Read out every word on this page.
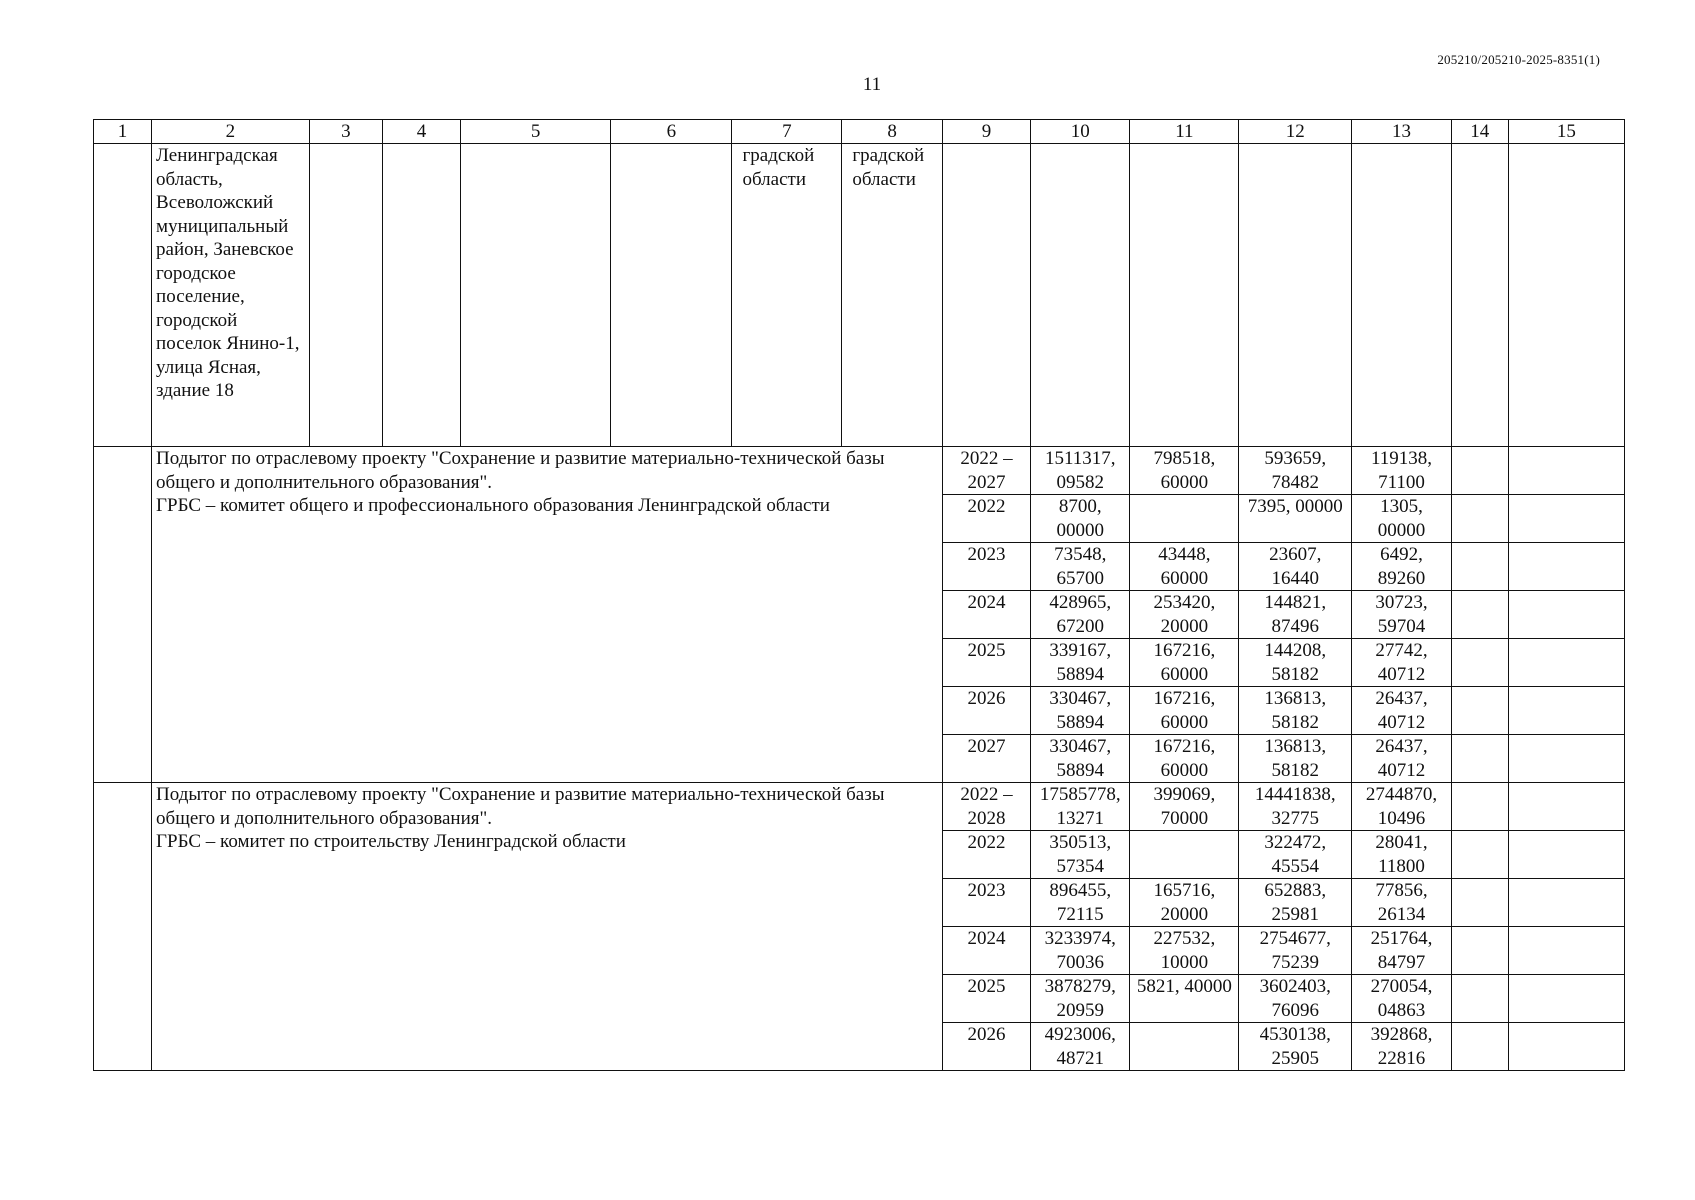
205210/205210-2025-8351(1)
11
1	2	3	4	5	6	7	8	9	10	11	12	13	14	15
	Ленинградская область, Всеволожский муниципальный район, Заневское городское поселение, городской поселок Янино-1, улица Ясная, здание 18					градской области	градской области							
	Подытог по отраслевому проекту "Сохранение и развитие материально-технической базы общего и дополнительного образования".
ГРБС – комитет общего и профессионального образования Ленинградской области							2022 – 2027	1511317, 09582	798518, 60000	593659, 78482	119138, 71100		
								2022	8700, 00000		7395, 00000	1305, 00000		
								2023	73548, 65700	43448, 60000	23607, 16440	6492, 89260		
								2024	428965, 67200	253420, 20000	144821, 87496	30723, 59704		
								2025	339167, 58894	167216, 60000	144208, 58182	27742, 40712		
								2026	330467, 58894	167216, 60000	136813, 58182	26437, 40712		
								2027	330467, 58894	167216, 60000	136813, 58182	26437, 40712		
	Подытог по отраслевому проекту "Сохранение и развитие материально-технической базы общего и дополнительного образования".
ГРБС – комитет по строительству Ленинградской области							2022 – 2028	17585778, 13271	399069, 70000	14441838, 32775	2744870, 10496		
								2022	350513, 57354		322472, 45554	28041, 11800		
								2023	896455, 72115	165716, 20000	652883, 25981	77856, 26134		
								2024	3233974, 70036	227532, 10000	2754677, 75239	251764, 84797		
								2025	3878279, 20959	5821, 40000	3602403, 76096	270054, 04863		
								2026	4923006, 48721		4530138, 25905	392868, 22816		
